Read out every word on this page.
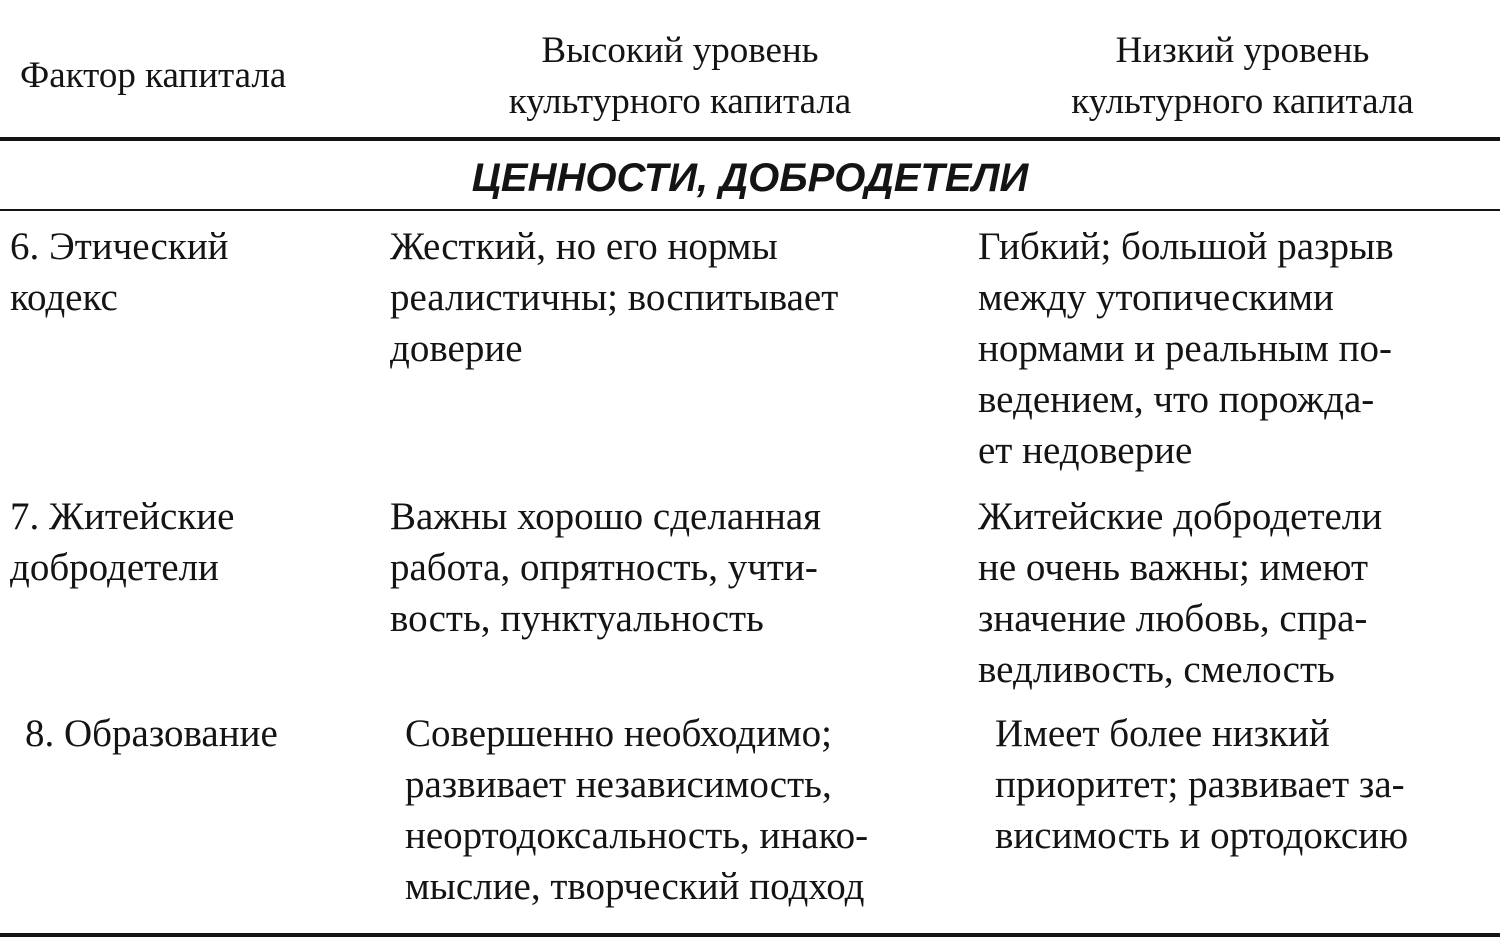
Фактор капитала
Высокий уровень
культурного капитала
Низкий уровень
культурного капитала
ЦЕННОСТИ, ДОБРОДЕТЕЛИ
6. Этический
кодекс
Жесткий, но его нормы
реалистичны; воспитывает
доверие
Гибкий; большой разрыв
между утопическими
нормами и реальным по-
ведением, что порожда-
ет недоверие
7. Житейские
добродетели
Важны хорошо сделанная
работа, опрятность, учти-
вость, пунктуальность
Житейские добродетели
не очень важны; имеют
значение любовь, спра-
ведливость, смелость
8. Образование	Совершенно необходимо;
развивает независимость,
неортодоксальность, инако-
мыслие, творческий подход
Имеет более низкий
приоритет; развивает за-
висимость и ортодоксию
